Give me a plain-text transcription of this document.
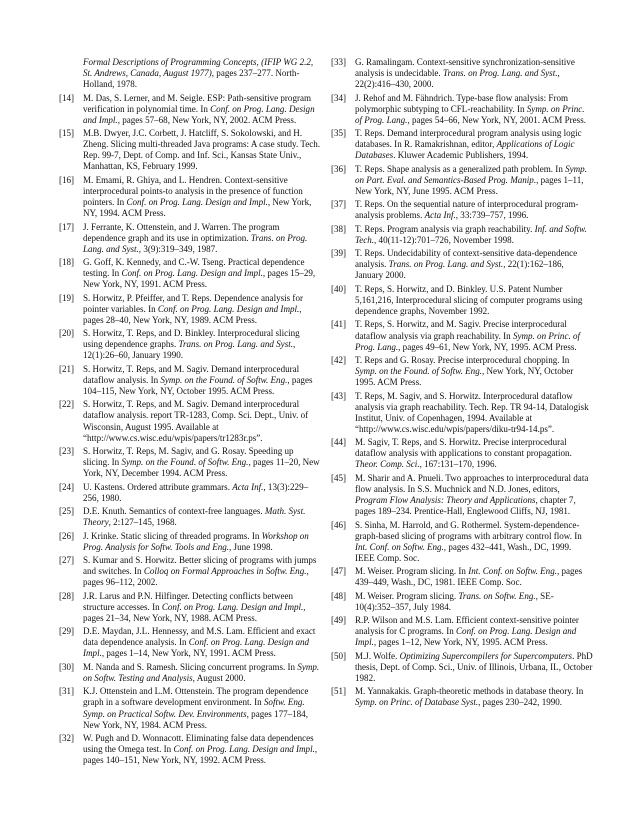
Formal Descriptions of Programming Concepts, (IFIP WG 2.2, St. Andrews, Canada, August 1977), pages 237–277. North-Holland, 1978.
[14] M. Das, S. Lerner, and M. Seigle. ESP: Path-sensitive program verification in polynomial time. In Conf. on Prog. Lang. Design and Impl., pages 57–68, New York, NY, 2002. ACM Press.
[15] M.B. Dwyer, J.C. Corbett, J. Hatcliff, S. Sokolowski, and H. Zheng. Slicing multi-threaded Java programs: A case study. Tech. Rep. 99-7, Dept. of Comp. and Inf. Sci., Kansas State Univ., Manhattan, KS, February 1999.
[16] M. Emami, R. Ghiya, and L. Hendren. Context-sensitive interprocedural points-to analysis in the presence of function pointers. In Conf. on Prog. Lang. Design and Impl., New York, NY, 1994. ACM Press.
[17] J. Ferrante, K. Ottenstein, and J. Warren. The program dependence graph and its use in optimization. Trans. on Prog. Lang. and Syst., 3(9):319–349, 1987.
[18] G. Goff, K. Kennedy, and C.-W. Tseng. Practical dependence testing. In Conf. on Prog. Lang. Design and Impl., pages 15–29, New York, NY, 1991. ACM Press.
[19] S. Horwitz, P. Pfeiffer, and T. Reps. Dependence analysis for pointer variables. In Conf. on Prog. Lang. Design and Impl., pages 28–40, New York, NY, 1989. ACM Press.
[20] S. Horwitz, T. Reps, and D. Binkley. Interprocedural slicing using dependence graphs. Trans. on Prog. Lang. and Syst., 12(1):26–60, January 1990.
[21] S. Horwitz, T. Reps, and M. Sagiv. Demand interprocedural dataflow analysis. In Symp. on the Found. of Softw. Eng., pages 104–115, New York, NY, October 1995. ACM Press.
[22] S. Horwitz, T. Reps, and M. Sagiv. Demand interprocedural dataflow analysis. report TR-1283, Comp. Sci. Dept., Univ. of Wisconsin, August 1995. Available at “http://www.cs.wisc.edu/wpis/papers/tr1283r.ps”.
[23] S. Horwitz, T. Reps, M. Sagiv, and G. Rosay. Speeding up slicing. In Symp. on the Found. of Softw. Eng., pages 11–20, New York, NY, December 1994. ACM Press.
[24] U. Kastens. Ordered attribute grammars. Acta Inf., 13(3):229–256, 1980.
[25] D.E. Knuth. Semantics of context-free languages. Math. Syst. Theory, 2:127–145, 1968.
[26] J. Krinke. Static slicing of threaded programs. In Workshop on Prog. Analysis for Softw. Tools and Eng., June 1998.
[27] S. Kumar and S. Horwitz. Better slicing of programs with jumps and switches. In Colloq on Formal Approaches in Softw. Eng., pages 96–112, 2002.
[28] J.R. Larus and P.N. Hilfinger. Detecting conflicts between structure accesses. In Conf. on Prog. Lang. Design and Impl., pages 21–34, New York, NY, 1988. ACM Press.
[29] D.E. Maydan, J.L. Hennessy, and M.S. Lam. Efficient and exact data dependence analysis. In Conf. on Prog. Lang. Design and Impl., pages 1–14, New York, NY, 1991. ACM Press.
[30] M. Nanda and S. Ramesh. Slicing concurrent programs. In Symp. on Softw. Testing and Analysis, August 2000.
[31] K.J. Ottenstein and L.M. Ottenstein. The program dependence graph in a software development environment. In Softw. Eng. Symp. on Practical Softw. Dev. Environments, pages 177–184, New York, NY, 1984. ACM Press.
[32] W. Pugh and D. Wonnacott. Eliminating false data dependences using the Omega test. In Conf. on Prog. Lang. Design and Impl., pages 140–151, New York, NY, 1992. ACM Press.
[33] G. Ramalingam. Context-sensitive synchronization-sensitive analysis is undecidable. Trans. on Prog. Lang. and Syst., 22(2):416–430, 2000.
[34] J. Rehof and M. Fähndrich. Type-base flow analysis: From polymorphic subtyping to CFL-reachability. In Symp. on Princ. of Prog. Lang., pages 54–66, New York, NY, 2001. ACM Press.
[35] T. Reps. Demand interprocedural program analysis using logic databases. In R. Ramakrishnan, editor, Applications of Logic Databases. Kluwer Academic Publishers, 1994.
[36] T. Reps. Shape analysis as a generalized path problem. In Symp. on Part. Eval. and Semantics-Based Prog. Manip., pages 1–11, New York, NY, June 1995. ACM Press.
[37] T. Reps. On the sequential nature of interprocedural program-analysis problems. Acta Inf., 33:739–757, 1996.
[38] T. Reps. Program analysis via graph reachability. Inf. and Softw. Tech., 40(11-12):701–726, November 1998.
[39] T. Reps. Undecidability of context-sensitive data-dependence analysis. Trans. on Prog. Lang. and Syst., 22(1):162–186, January 2000.
[40] T. Reps, S. Horwitz, and D. Binkley. U.S. Patent Number 5,161,216, Interprocedural slicing of computer programs using dependence graphs, November 1992.
[41] T. Reps, S. Horwitz, and M. Sagiv. Precise interprocedural dataflow analysis via graph reachability. In Symp. on Princ. of Prog. Lang., pages 49–61, New York, NY, 1995. ACM Press.
[42] T. Reps and G. Rosay. Precise interprocedural chopping. In Symp. on the Found. of Softw. Eng., New York, NY, October 1995. ACM Press.
[43] T. Reps, M. Sagiv, and S. Horwitz. Interprocedural dataflow analysis via graph reachability. Tech. Rep. TR 94-14, Datalogisk Institut, Univ. of Copenhagen, 1994. Available at “http://www.cs.wisc.edu/wpis/papers/diku-tr94-14.ps”.
[44] M. Sagiv, T. Reps, and S. Horwitz. Precise interprocedural dataflow analysis with applications to constant propagation. Theor. Comp. Sci., 167:131–170, 1996.
[45] M. Sharir and A. Pnueli. Two approaches to interprocedural data flow analysis. In S.S. Muchnick and N.D. Jones, editors, Program Flow Analysis: Theory and Applications, chapter 7, pages 189–234. Prentice-Hall, Englewood Cliffs, NJ, 1981.
[46] S. Sinha, M. Harrold, and G. Rothermel. System-dependence-graph-based slicing of programs with arbitrary control flow. In Int. Conf. on Softw. Eng., pages 432–441, Wash., DC, 1999. IEEE Comp. Soc.
[47] M. Weiser. Program slicing. In Int. Conf. on Softw. Eng., pages 439–449, Wash., DC, 1981. IEEE Comp. Soc.
[48] M. Weiser. Program slicing. Trans. on Softw. Eng., SE-10(4):352–357, July 1984.
[49] R.P. Wilson and M.S. Lam. Efficient context-sensitive pointer analysis for C programs. In Conf. on Prog. Lang. Design and Impl., pages 1–12, New York, NY, 1995. ACM Press.
[50] M.J. Wolfe. Optimizing Supercompilers for Supercomputers. PhD thesis, Dept. of Comp. Sci., Univ. of Illinois, Urbana, IL, October 1982.
[51] M. Yannakakis. Graph-theoretic methods in database theory. In Symp. on Princ. of Database Syst., pages 230–242, 1990.
